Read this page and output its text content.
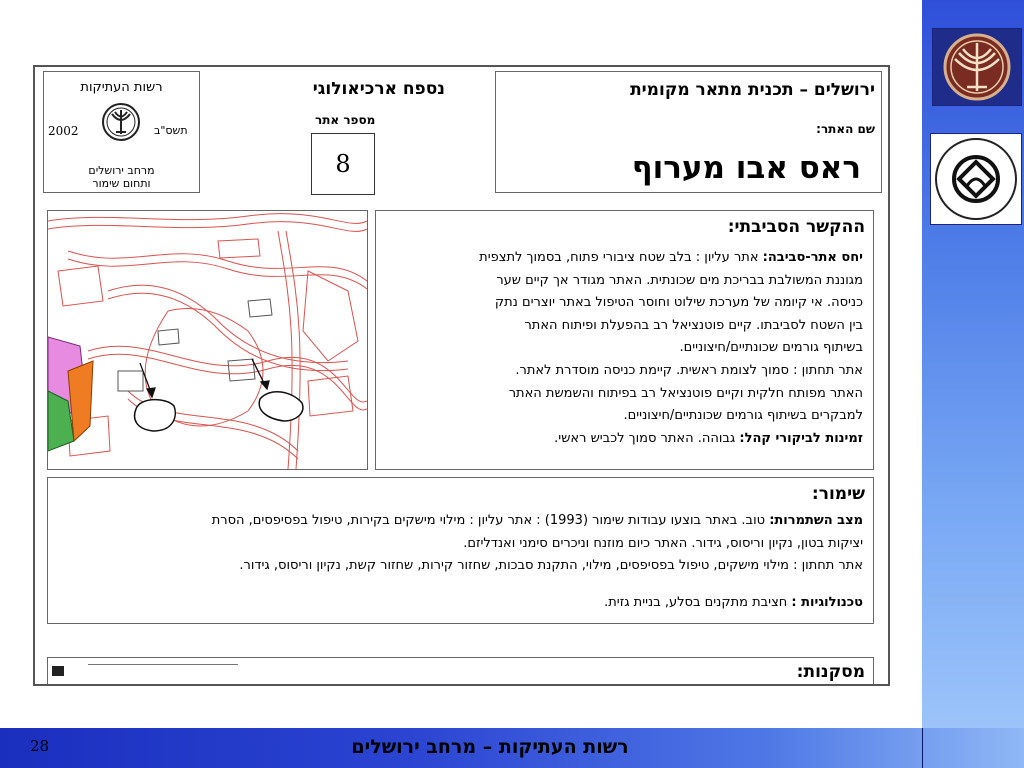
ירושלים – תכנית מתאר מקומית
שם האתר:
ראס אבו מערוף
נספח ארכיאולוגי
מספר אתר
8
רשות העתיקות
2002	תשס"ב
מרחב ירושלים
ותחום שימור
ההקשר הסביבתי:
יחס אתר-סביבה: אתר עליון : בלב שטח ציבורי פתוח, בסמוך לתצפית
מגוננת המשולבת בבריכת מים שכונתית. האתר מגודר אך קיים שער
כניסה. אי קיומה של מערכת שילוט וחוסר הטיפול באתר יוצרים נתק
בין השטח לסביבתו. קיים פוטנציאל רב בהפעלת ופיתוח האתר
בשיתוף גורמים שכונתיים/חיצוניים.
אתר תחתון : סמוך לצומת ראשית. קיימת כניסה מוסדרת לאתר.
האתר מפותח חלקית וקיים פוטנציאל רב בפיתוח והשמשת האתר
למבקרים בשיתוף גורמים שכונתיים/חיצוניים.
זמינות לביקורי קהל: גבוהה. האתר סמוך לכביש ראשי.
שימור:
מצב השתמרות: טוב. באתר בוצעו עבודות שימור (1993) : אתר עליון : מילוי מישקים בקירות, טיפול בפסיפסים, הסרת
יציקות בטון, נקיון וריסוס, גידור. האתר כיום מוזנח וניכרים סימני ואנדליזם.
אתר תחתון : מילוי מישקים, טיפול בפסיפסים, מילוי, התקנת סבכות, שחזור קירות, שחזור קשת, נקיון וריסוס, גידור.
טכנולוגיות : חציבת מתקנים בסלע, בניית גזית.
מסקנות:
28	רשות העתיקות – מרחב ירושלים
